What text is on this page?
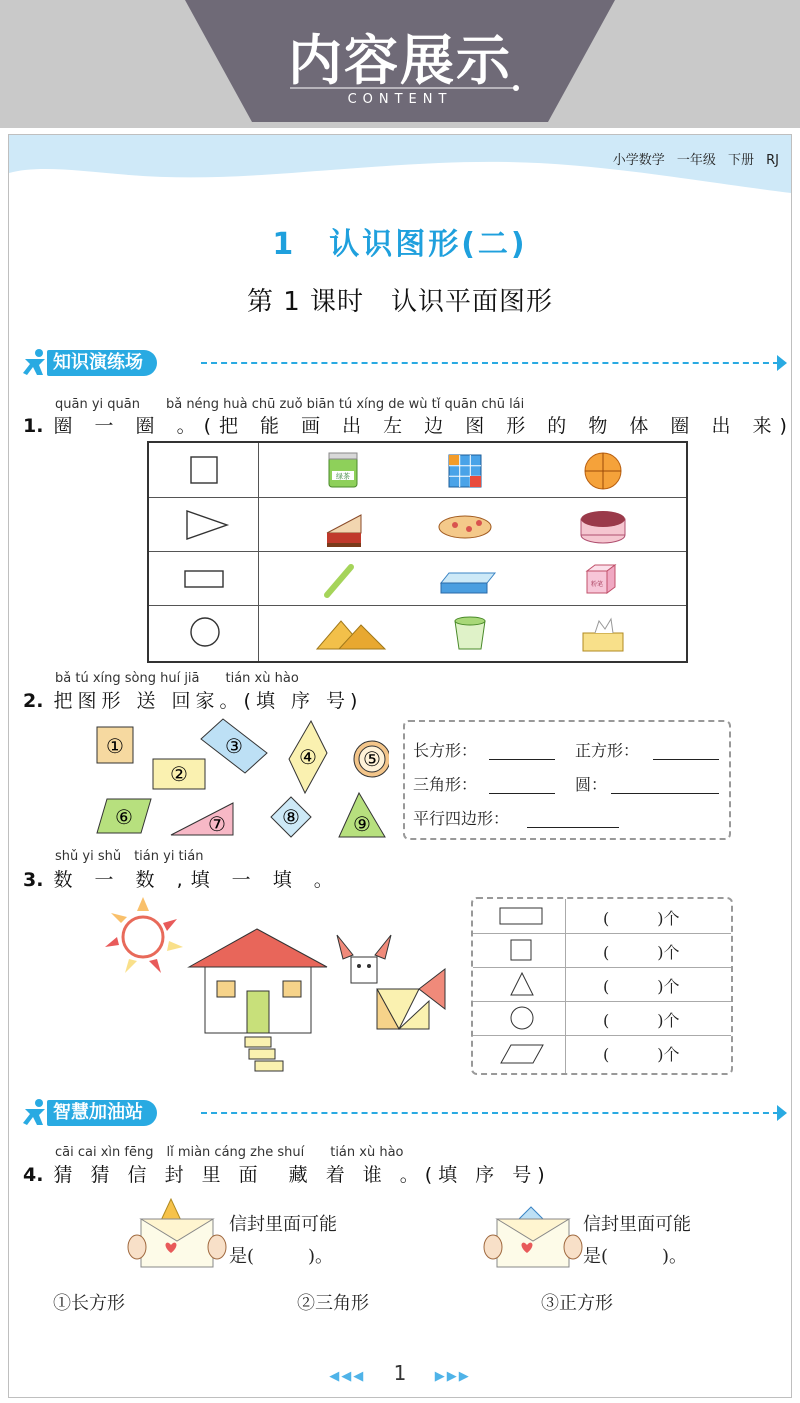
内容展示
CONTENT
小学数学 一年级 下册 RJ
1　认识图形(二)
第 1 课时　认识平面图形
知识演练场
quān yi quān　　bǎ néng huà chū zuǒ biān tú xíng de wù tǐ quān chū lái
1. 圈 一 圈 。(把 能 画 出 左 边 图 形 的 物 体 圈 出 来)
绿茶
粉笔
bǎ tú xíng sòng huí jiā　　tián xù hào
2. 把图形 送 回家。(填 序 号)
①
②
③	④ ⑤
⑥	⑦	⑧	⑨
长方形：	正方形：
三角形：	圆：
平行四边形：
shǔ yi shǔ　tián yi tián
3. 数 一 数 ,填 一 填 。
(　　　)个
(　　　)个
(　　　)个
(　　　)个
(　　　)个
智慧加油站
cāi cai xìn fēng　lǐ miàn cáng zhe shuí　　tián xù hào
4. 猜 猜 信 封 里 面　藏 着 谁 。(填 序 号)
信封里面可能
是(　　　)。
信封里面可能
是(　　　)。
①长方形	②三角形	③正方形
◀◀◀ 1 ▶▶▶
